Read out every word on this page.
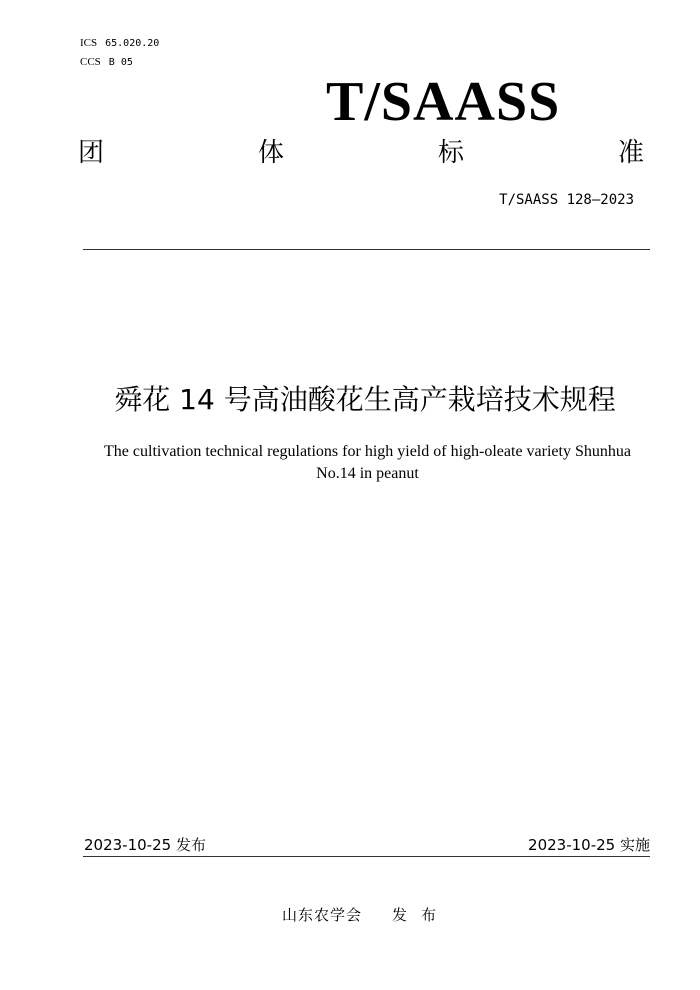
ICS 65.020.20
CCS B 05
T/SAASS
团	体	标	准
T/SAASS 128—2023
舜花 14 号高油酸花生高产栽培技术规程
The cultivation technical regulations for high yield of high-oleate variety Shunhua No.14 in peanut
2023-10-25 发布	2023-10-25 实施
山东农学会 发布
